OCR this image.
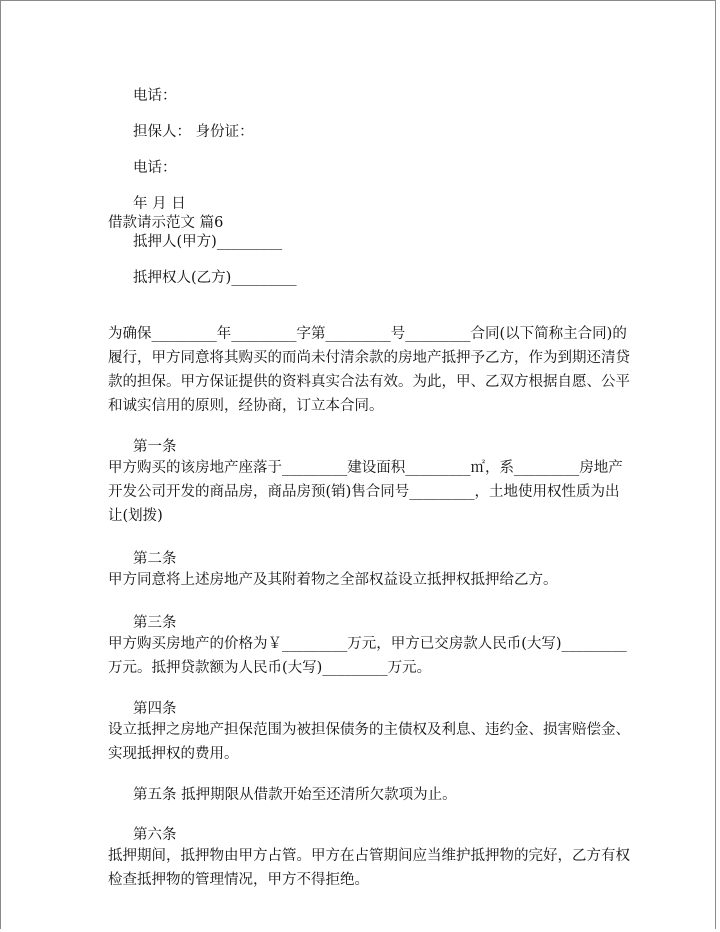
电话：
担保人： 身份证：
电话：
年 月 日
借款请示范文 篇6
抵押人(甲方)_________
抵押权人(乙方)_________
为确保_________年_________字第_________号_________合同(以下简称主合同)的
履行，甲方同意将其购买的而尚未付清余款的房地产抵押予乙方，作为到期还清贷
款的担保。甲方保证提供的资料真实合法有效。为此，甲、乙双方根据自愿、公平
和诚实信用的原则，经协商，订立本合同。
第一条
甲方购买的该房地产座落于_________建设面积_________㎡，系_________房地产
开发公司开发的商品房，商品房预(销)售合同号_________，土地使用权性质为出
让(划拨)
第二条
甲方同意将上述房地产及其附着物之全部权益设立抵押权抵押给乙方。
第三条
甲方购买房地产的价格为￥_________万元，甲方已交房款人民币(大写)_________
万元。抵押贷款额为人民币(大写)_________万元。
第四条
设立抵押之房地产担保范围为被担保债务的主债权及利息、违约金、损害赔偿金、
实现抵押权的费用。
第五条 抵押期限从借款开始至还清所欠款项为止。
第六条
抵押期间，抵押物由甲方占管。甲方在占管期间应当维护抵押物的完好，乙方有权
检查抵押物的管理情况，甲方不得拒绝。
